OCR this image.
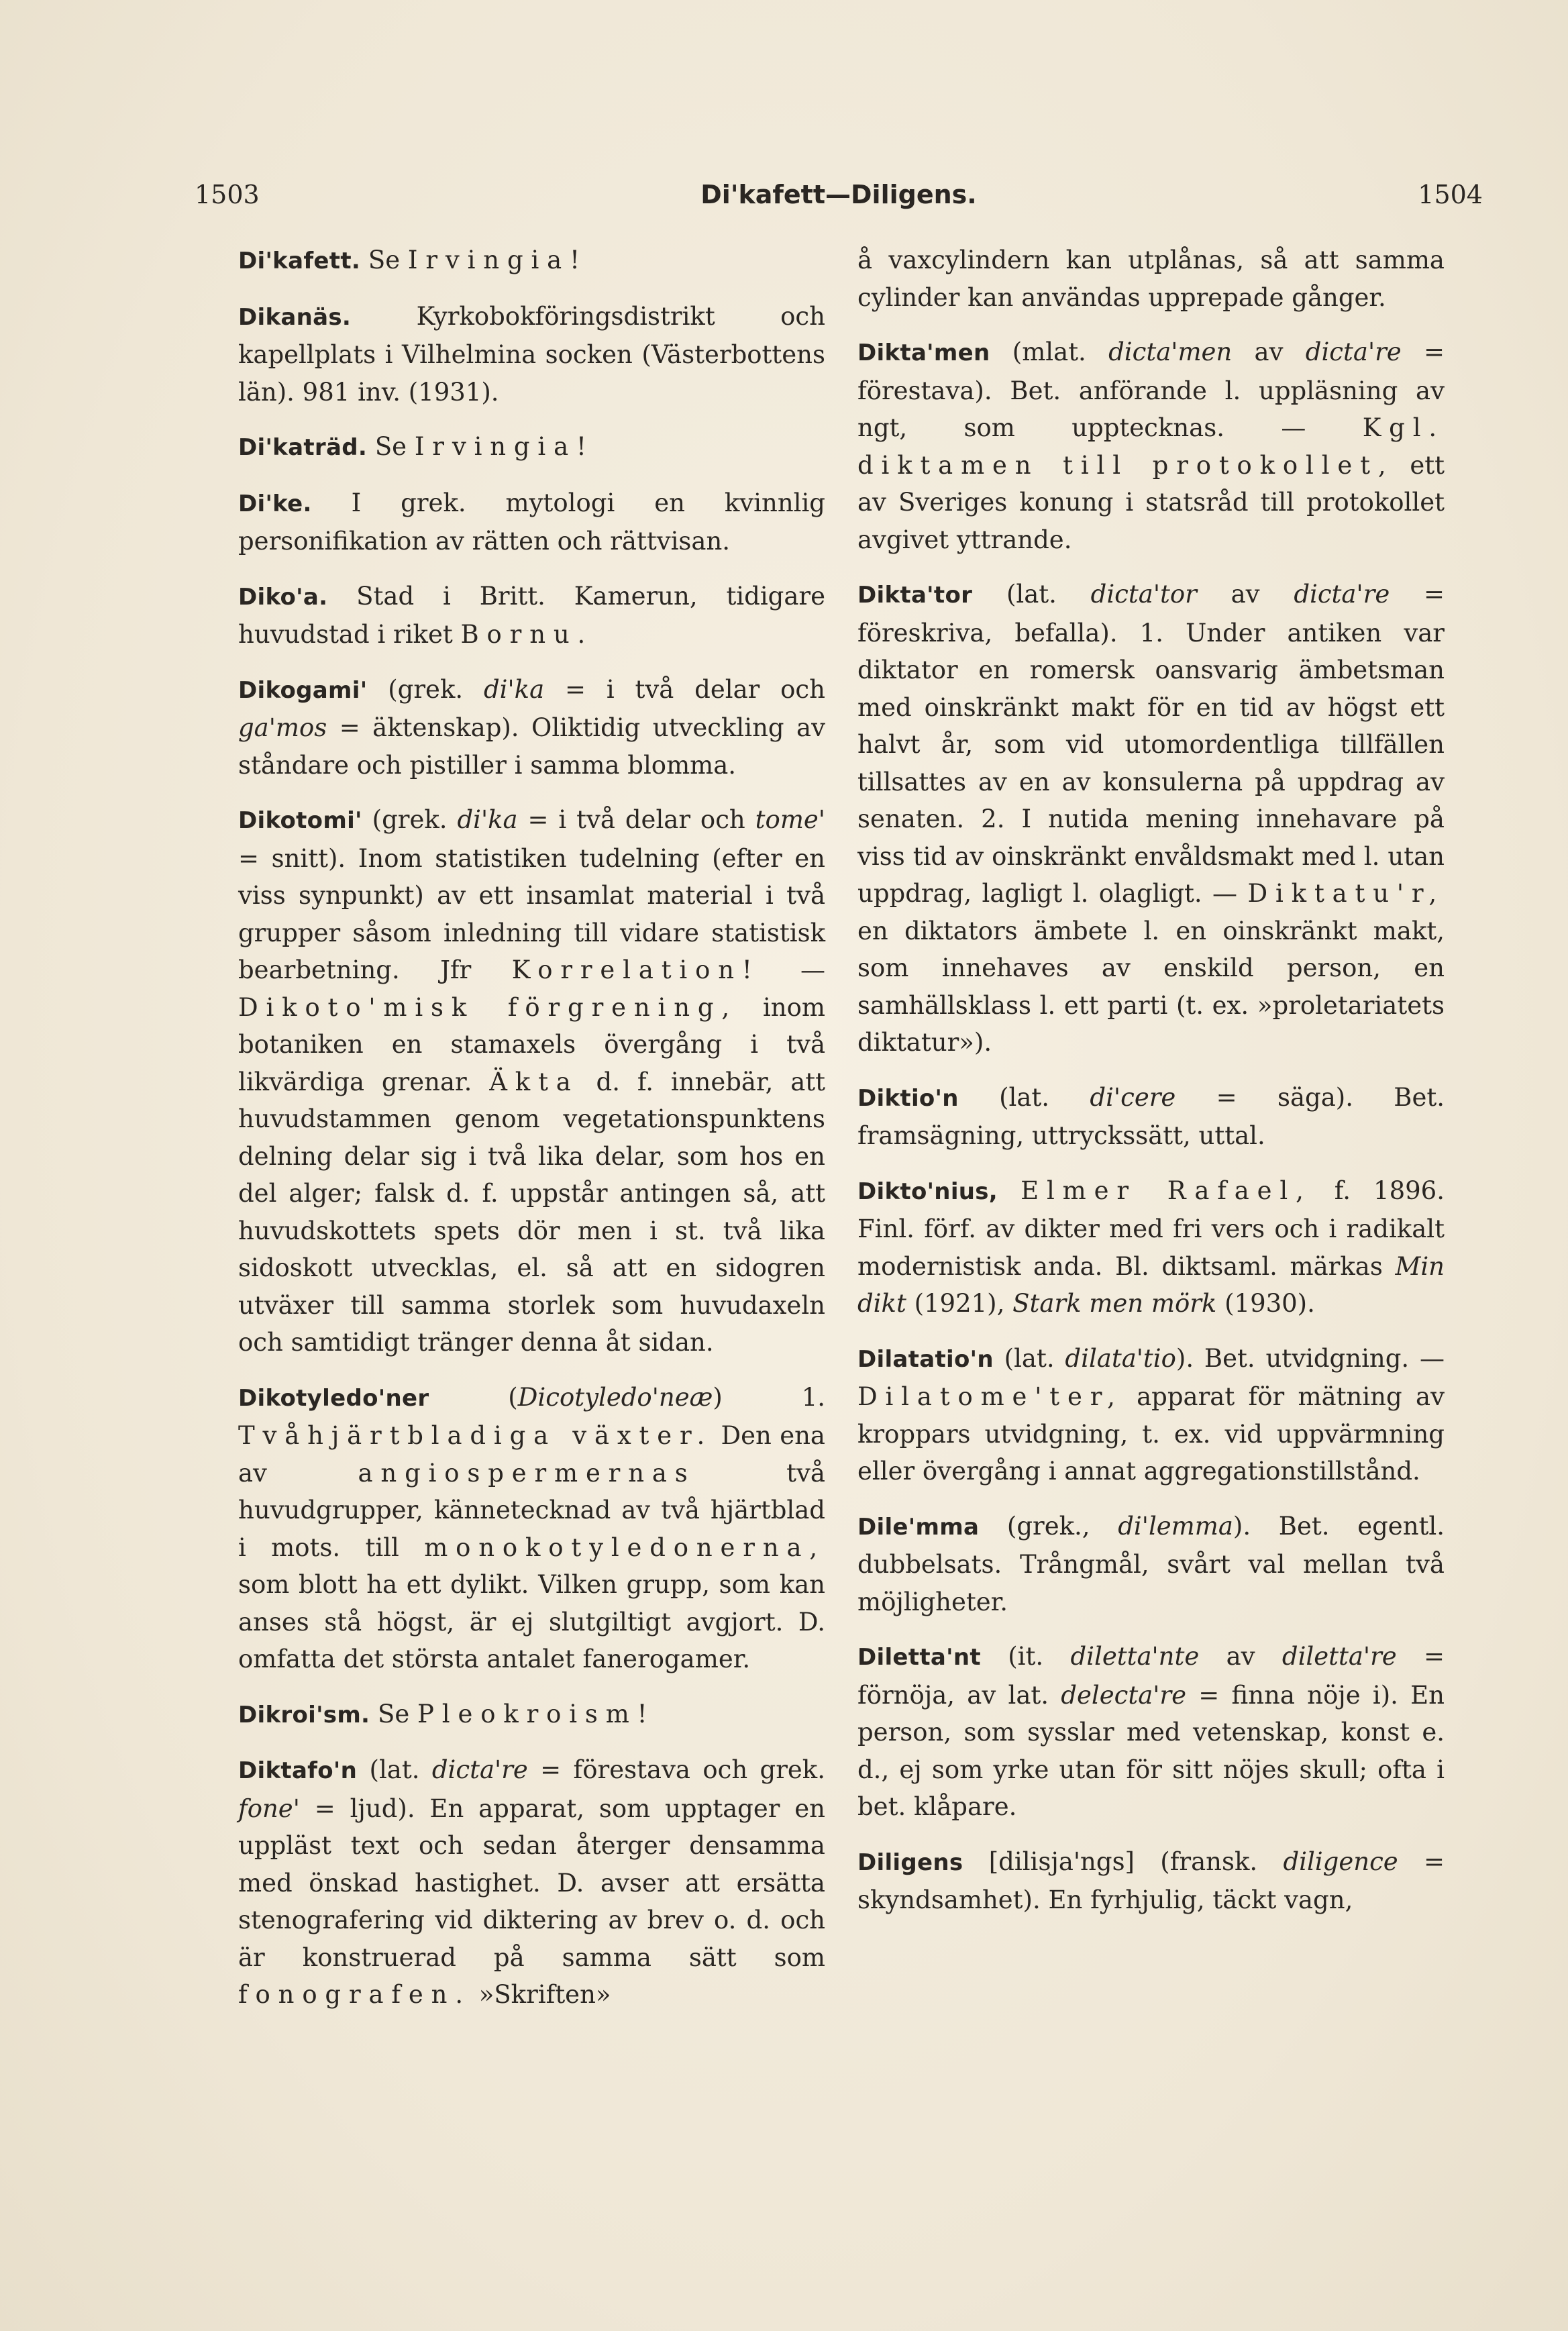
1503	Di'kafett—Diligens.	1504

Di'kafett. Se Irvingia!

Dikanäs. Kyrkobokföringsdistrikt och kapellplats i Vilhelmina socken (Västerbottens län). 981 inv. (1931).

Di'katräd. Se Irvingia!

Di'ke. I grek. mytologi en kvinnlig personifikation av rätten och rättvisan.

Diko'a. Stad i Britt. Kamerun, tidigare huvudstad i riket Bornu.

Dikogami' (grek. di'ka = i två delar och ga'mos = äktenskap). Oliktidig utveckling av ståndare och pistiller i samma blomma.

Dikotomi' (grek. di'ka = i två delar och tome' = snitt). Inom statistiken tudelning (efter en viss synpunkt) av ett insamlat material i två grupper såsom inledning till vidare statistisk bearbetning. Jfr Korrelation! — Dikoto'misk förgrening, inom botaniken en stamaxels övergång i två likvärdiga grenar. Äkta d. f. innebär, att huvudstammen genom vegetationspunktens delning delar sig i två lika delar, som hos en del alger; falsk d. f. uppstår antingen så, att huvudskottets spets dör men i st. två lika sidoskott utvecklas, el. så att en sidogren utväxer till samma storlek som huvudaxeln och samtidigt tränger denna åt sidan.

Dikotyledo'ner (Dicotyledo'neæ) 1. Tvåhjärtbladiga växter. Den ena av angiospermernas två huvudgrupper, kännetecknad av två hjärtblad i mots. till monokotyledonerna, som blott ha ett dylikt. Vilken grupp, som kan anses stå högst, är ej slutgiltigt avgjort. D. omfatta det största antalet fanerogamer.

Dikroi'sm. Se Pleokroism!

Diktafo'n (lat. dicta're = förestava och grek. fone' = ljud). En apparat, som upptager en uppläst text och sedan återger densamma med önskad hastighet. D. avser att ersätta stenografering vid diktering av brev o. d. och är konstruerad på samma sätt som fonografen. »Skriften»

å vaxcylindern kan utplånas, så att samma cylinder kan användas upprepade gånger.

Dikta'men (mlat. dicta'men av dicta're = förestava). Bet. anförande l. uppläsning av ngt, som upptecknas. — Kgl. diktamen till protokollet, ett av Sveriges konung i statsråd till protokollet avgivet yttrande.

Dikta'tor (lat. dicta'tor av dicta're = föreskriva, befalla). 1. Under antiken var diktator en romersk oansvarig ämbetsman med oinskränkt makt för en tid av högst ett halvt år, som vid utomordentliga tillfällen tillsattes av en av konsulerna på uppdrag av senaten. 2. I nutida mening innehavare på viss tid av oinskränkt envåldsmakt med l. utan uppdrag, lagligt l. olagligt. — Diktatu'r, en diktators ämbete l. en oinskränkt makt, som innehaves av enskild person, en samhällsklass l. ett parti (t. ex. »proletariatets diktatur»).

Diktio'n (lat. di'cere = säga). Bet. framsägning, uttryckssätt, uttal.

Dikto'nius, Elmer Rafael, f. 1896. Finl. förf. av dikter med fri vers och i radikalt modernistisk anda. Bl. diktsaml. märkas Min dikt (1921), Stark men mörk (1930).

Dilatatio'n (lat. dilata'tio). Bet. utvidgning. — Dilatome'ter, apparat för mätning av kroppars utvidgning, t. ex. vid uppvärmning eller övergång i annat aggregationstillstånd.

Dile'mma (grek., di'lemma). Bet. egentl. dubbelsats. Trångmål, svårt val mellan två möjligheter.

Diletta'nt (it. diletta'nte av diletta're = förnöja, av lat. delecta're = finna nöje i). En person, som sysslar med vetenskap, konst e. d., ej som yrke utan för sitt nöjes skull; ofta i bet. klåpare.

Diligens [dilisja'ngs] (fransk. diligence = skyndsamhet). En fyrhjulig, täckt vagn,
